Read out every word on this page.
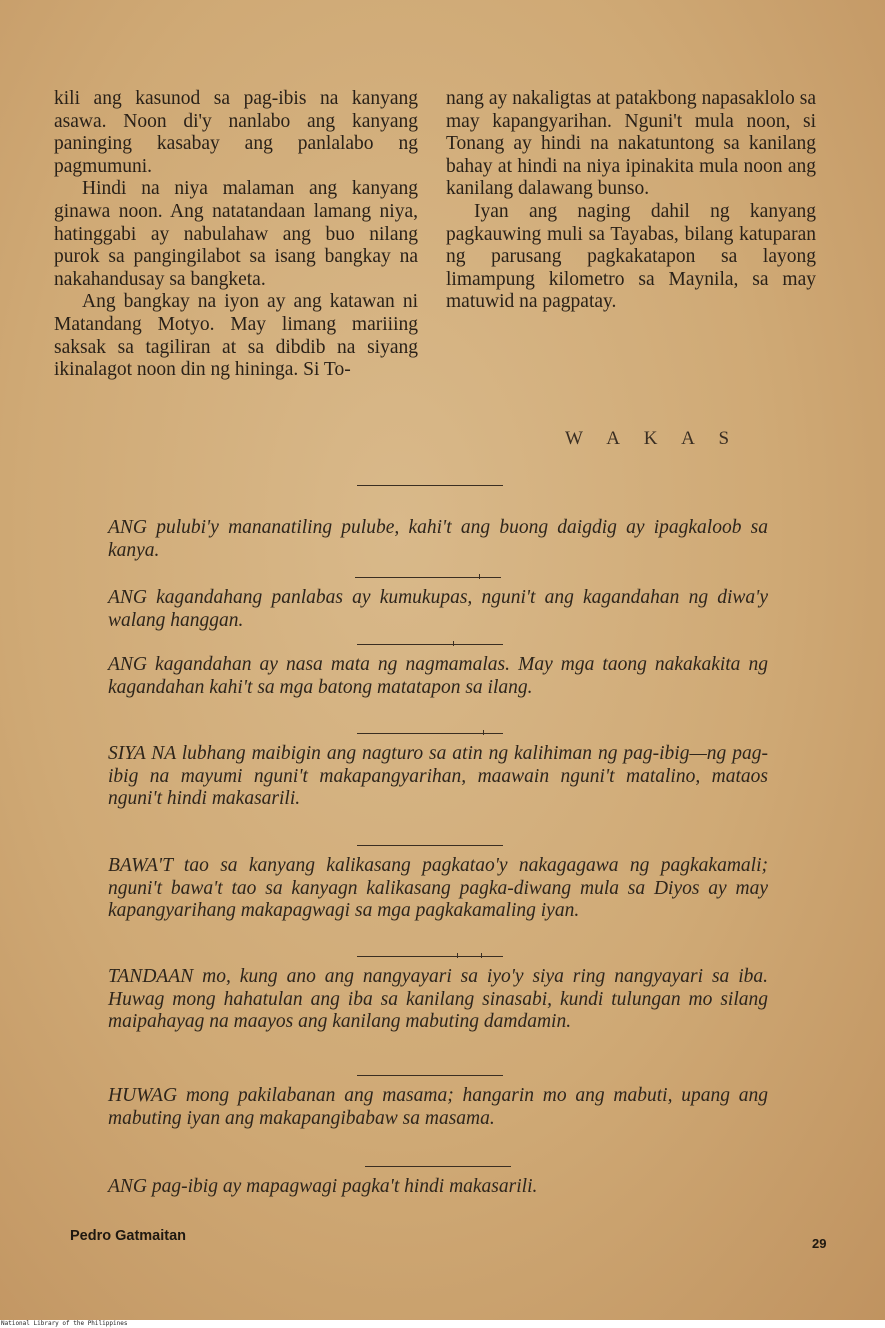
kili ang kasunod sa pag-ibis na kanyang asawa. Noon di'y nanlabo ang kanyang paninging kasabay ang panlalabo ng pagmumuni.

Hindi na niya malaman ang kanyang ginawa noon. Ang natatandaan lamang niya, hatinggabi ay nabulahaw ang buo nilang purok sa pangingilabot sa isang bangkay na nakahandusay sa bangketa.

Ang bangkay na iyon ay ang katawan ni Matandang Motyo. May limang mariiing saksak sa tagiliran at sa dibdib na siyang ikinalagot noon din ng hininga. Si To-

nang ay nakaligtas at patakbong napasaklolo sa may kapangyarihan. Nguni't mula noon, si Tonang ay hindi na nakatuntong sa kanilang bahay at hindi na niya ipinakita mula noon ang kanilang dalawang bunso.

Iyan ang naging dahil ng kanyang pagkauwing muli sa Tayabas, bilang katuparan ng parusang pagkakatapon sa layong limampung kilometro sa Maynila, sa may matuwid na pagpatay.

W A K A S
ANG pulubi'y mananatiling pulube, kahi't ang buong daigdig ay ipagkaloob sa kanya.
ANG kagandahang panlabas ay kumukupas, nguni't ang kagandahan ng diwa'y walang hanggan.
ANG kagandahan ay nasa mata ng nagmamalas. May mga taong nakakakita ng kagandahan kahi't sa mga batong matatapon sa ilang.
SIYA NA lubhang maibigin ang nagturo sa atin ng kalihiman ng pag-ibig—ng pag-ibig na mayumi nguni't makapangyarihan, maawain nguni't matalino, mataos nguni't hindi makasarili.
BAWA'T tao sa kanyang kalikasang pagkatao'y nakagagawa ng pagkakamali; nguni't bawa't tao sa kanyagn kalikasang pagka-diwang mula sa Diyos ay may kapangyarihang makapagwagi sa mga pagkakamaling iyan.
TANDAAN mo, kung ano ang nangyayari sa iyo'y siya ring nangyayari sa iba. Huwag mong hahatulan ang iba sa kanilang sinasabi, kundi tulungan mo silang maipahayag na maayos ang kanilang mabuting damdamin.
HUWAG mong pakilabanan ang masama; hangarin mo ang mabuti, upang ang mabuting iyan ang makapangibabaw sa masama.
ANG pag-ibig ay mapagwagi pagka't hindi makasarili.
Pedro Gatmaitan	29
National Library of the Philippines
